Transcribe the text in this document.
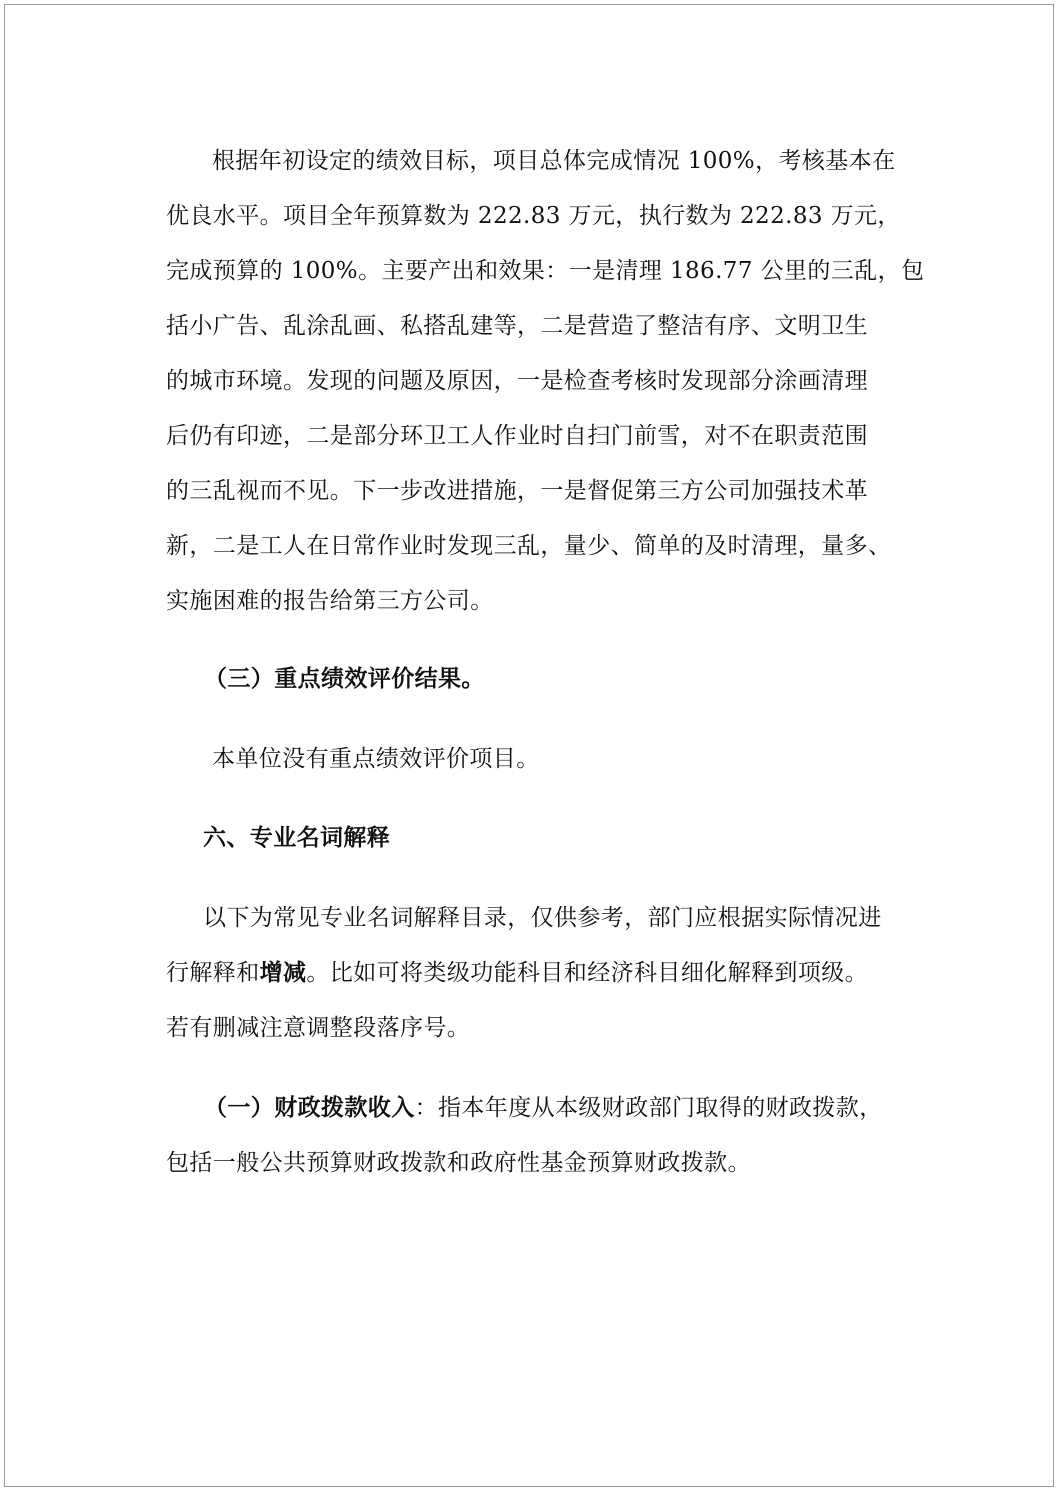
根据年初设定的绩效目标，项目总体完成情况 100%，考核基本在
优良水平。项目全年预算数为 222.83 万元，执行数为 222.83 万元，
完成预算的 100%。主要产出和效果：一是清理 186.77 公里的三乱，包
括小广告、乱涂乱画、私搭乱建等，二是营造了整洁有序、文明卫生
的城市环境。发现的问题及原因，一是检查考核时发现部分涂画清理
后仍有印迹，二是部分环卫工人作业时自扫门前雪，对不在职责范围
的三乱视而不见。下一步改进措施，一是督促第三方公司加强技术革
新，二是工人在日常作业时发现三乱，量少、简单的及时清理，量多、
实施困难的报告给第三方公司。
（三）重点绩效评价结果。
本单位没有重点绩效评价项目。
六、专业名词解释
以下为常见专业名词解释目录，仅供参考，部门应根据实际情况进
行解释和增减。比如可将类级功能科目和经济科目细化解释到项级。
若有删减注意调整段落序号。
（一）财政拨款收入：指本年度从本级财政部门取得的财政拨款，
包括一般公共预算财政拨款和政府性基金预算财政拨款。
